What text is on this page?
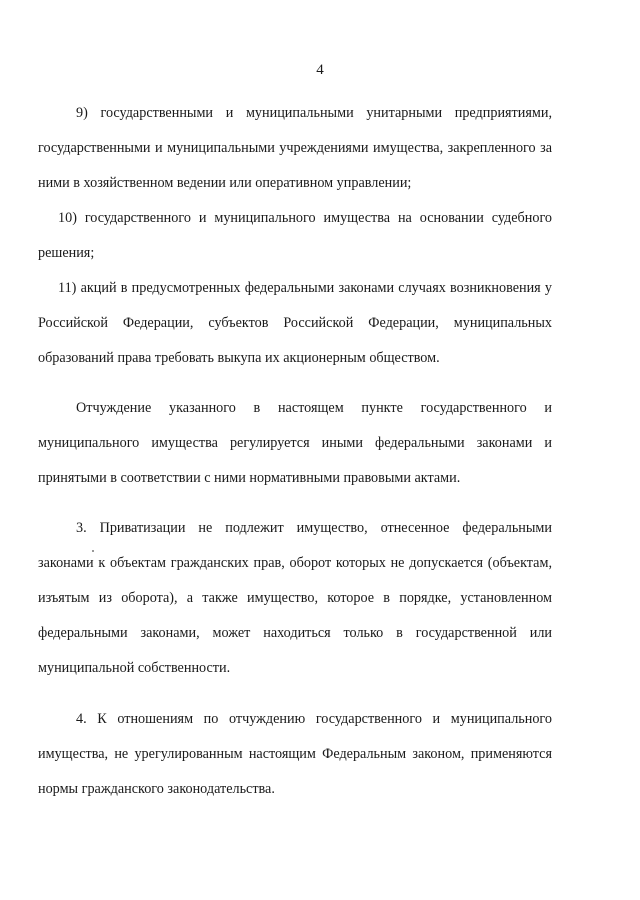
4

9) государственными и муниципальными унитарными предприятиями, государственными и муниципальными учреждениями имущества, закрепленного за ними в хозяйственном ведении или оперативном управлении;

10) государственного и муниципального имущества на основании судебного решения;

11) акций в предусмотренных федеральными законами случаях возникновения у Российской Федерации, субъектов Российской Федерации, муниципальных образований права требовать выкупа их акционерным обществом.

Отчуждение указанного в настоящем пункте государственного и муниципального имущества регулируется иными федеральными законами и принятыми в соответствии с ними нормативными правовыми актами.

3. Приватизации не подлежит имущество, отнесенное федеральными законами к объектам гражданских прав, оборот которых не допускается (объектам, изъятым из оборота), а также имущество, которое в порядке, установленном федеральными законами, может находиться только в государственной или муниципальной собственности.

4. К отношениям по отчуждению государственного и муниципального имущества, не урегулированным настоящим Федеральным законом, применяются нормы гражданского законодательства.
